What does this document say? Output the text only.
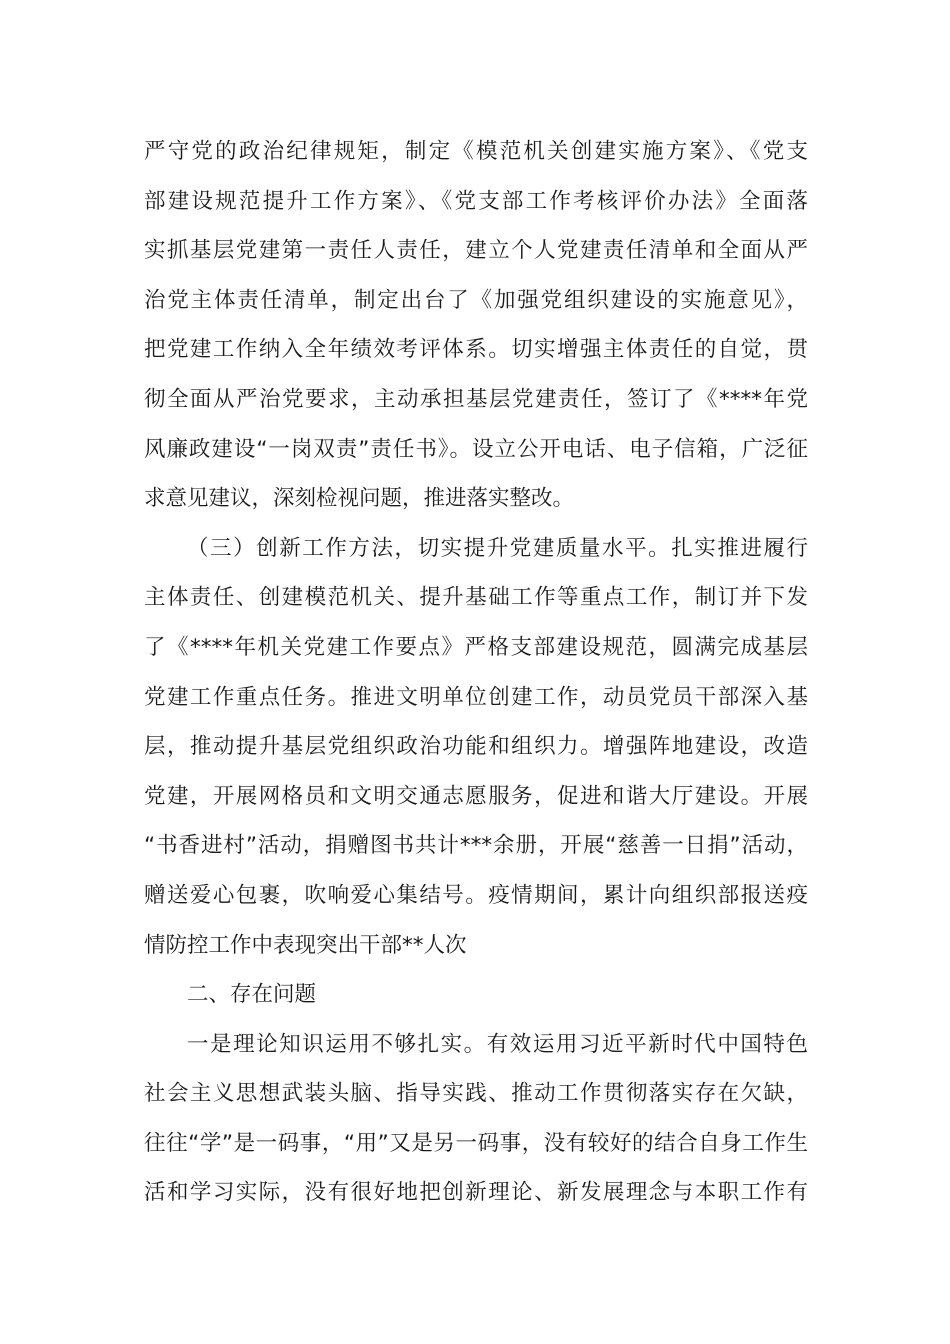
严守党的政治纪律规矩，制定《模范机关创建实施方案》、《党支
部建设规范提升工作方案》、《党支部工作考核评价办法》全面落
实抓基层党建第一责任人责任，建立个人党建责任清单和全面从严
治党主体责任清单，制定出台了《加强党组织建设的实施意见》，
把党建工作纳入全年绩效考评体系。切实增强主体责任的自觉，贯
彻全面从严治党要求，主动承担基层党建责任，签订了《****年党
风廉政建设“一岗双责”责任书》。设立公开电话、电子信箱，广泛征
求意见建议，深刻检视问题，推进落实整改。
（三）创新工作方法，切实提升党建质量水平。扎实推进履行
主体责任、创建模范机关、提升基础工作等重点工作，制订并下发
了《****年机关党建工作要点》严格支部建设规范，圆满完成基层
党建工作重点任务。推进文明单位创建工作，动员党员干部深入基
层，推动提升基层党组织政治功能和组织力。增强阵地建设，改造
党建，开展网格员和文明交通志愿服务，促进和谐大厅建设。开展
“书香进村”活动，捐赠图书共计***余册，开展“慈善一日捐”活动，
赠送爱心包裹，吹响爱心集结号。疫情期间，累计向组织部报送疫
情防控工作中表现突出干部**人次
二、存在问题
一是理论知识运用不够扎实。有效运用习近平新时代中国特色
社会主义思想武装头脑、指导实践、推动工作贯彻落实存在欠缺，
往往“学”是一码事，“用”又是另一码事，没有较好的结合自身工作生
活和学习实际，没有很好地把创新理论、新发展理念与本职工作有
